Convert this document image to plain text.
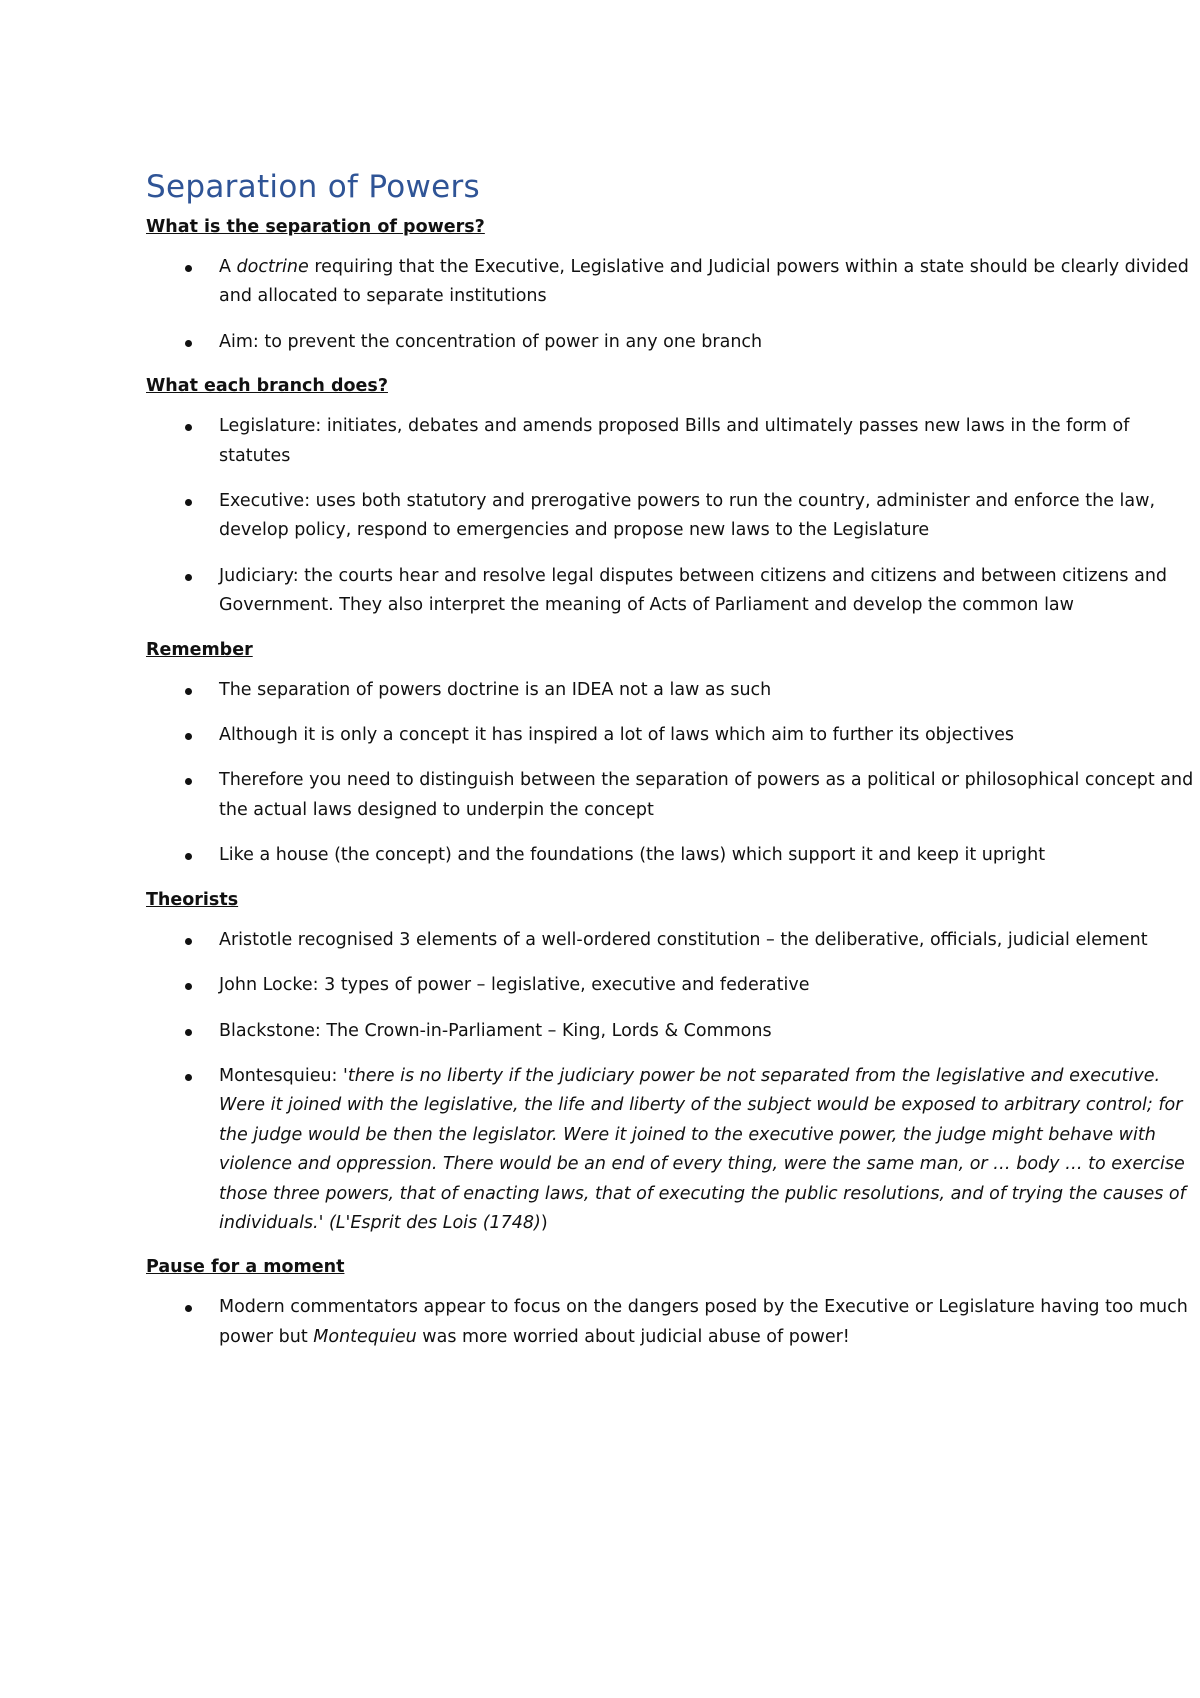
Separation of Powers
What is the separation of powers?
A doctrine requiring that the Executive, Legislative and Judicial powers within a state should be clearly divided and allocated to separate institutions
Aim: to prevent the concentration of power in any one branch
What each branch does?
Legislature: initiates, debates and amends proposed Bills and ultimately passes new laws in the form of statutes
Executive: uses both statutory and prerogative powers to run the country, administer and enforce the law, develop policy, respond to emergencies and propose new laws to the Legislature
Judiciary: the courts hear and resolve legal disputes between citizens and citizens and between citizens and Government. They also interpret the meaning of Acts of Parliament and develop the common law
Remember
The separation of powers doctrine is an IDEA not a law as such
Although it is only a concept it has inspired a lot of laws which aim to further its objectives
Therefore you need to distinguish between the separation of powers as a political or philosophical concept and the actual laws designed to underpin the concept
Like a house (the concept) and the foundations (the laws) which support it and keep it upright
Theorists
Aristotle recognised 3 elements of a well-ordered constitution – the deliberative, officials, judicial element
John Locke: 3 types of power – legislative, executive and federative
Blackstone: The Crown-in-Parliament – King, Lords & Commons
Montesquieu: 'there is no liberty if the judiciary power be not separated from the legislative and executive. Were it joined with the legislative, the life and liberty of the subject would be exposed to arbitrary control; for the judge would be then the legislator. Were it joined to the executive power, the judge might behave with violence and oppression. There would be an end of every thing, were the same man, or … body … to exercise those three powers, that of enacting laws, that of executing the public resolutions, and of trying the causes of individuals.' (L'Esprit des Lois (1748))
Pause for a moment
Modern commentators appear to focus on the dangers posed by the Executive or Legislature having too much power but Montequieu was more worried about judicial abuse of power!
